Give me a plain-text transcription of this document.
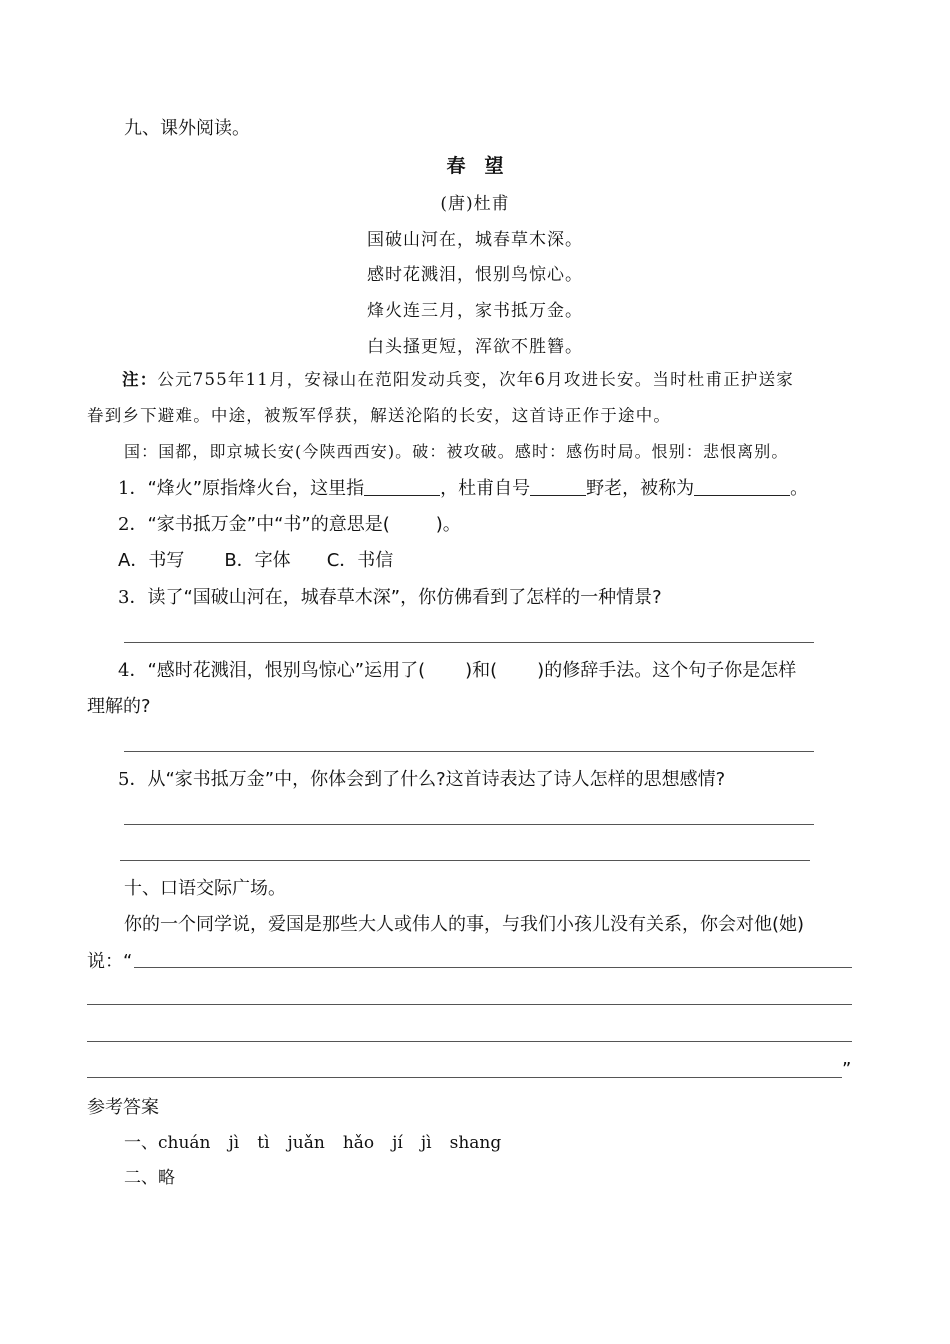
九、课外阅读。
春　望
(唐)杜甫
国破山河在，城春草木深。
感时花溅泪，恨别鸟惊心。
烽火连三月，家书抵万金。
白头搔更短，浑欲不胜簪。
注：公元755年11月，安禄山在范阳发动兵变，次年6月攻进长安。当时杜甫正护送家
眷到乡下避难。中途，被叛军俘获，解送沦陷的长安，这首诗正作于途中。
国：国都，即京城长安(今陕西西安)。破：被攻破。感时：感伤时局。恨别：悲恨离别。
1．“烽火”原指烽火台，这里指	，杜甫自号	野老，被称为	。
2．“家书抵万金”中“书”的意思是(	)。
A．书写 B．字体 C．书信
3．读了“国破山河在，城春草木深”，你仿佛看到了怎样的一种情景?
4．“感时花溅泪，恨别鸟惊心”运用了( )和( )的修辞手法。这个句子你是怎样
理解的?
5．从“家书抵万金”中，你体会到了什么?这首诗表达了诗人怎样的思想感情?
十、口语交际广场。
你的一个同学说，爱国是那些大人或伟人的事，与我们小孩儿没有关系，你会对他(她)
说：“
”
参考答案
一、chuán jì tì juǎn hǎo jí jì shang
二、略
